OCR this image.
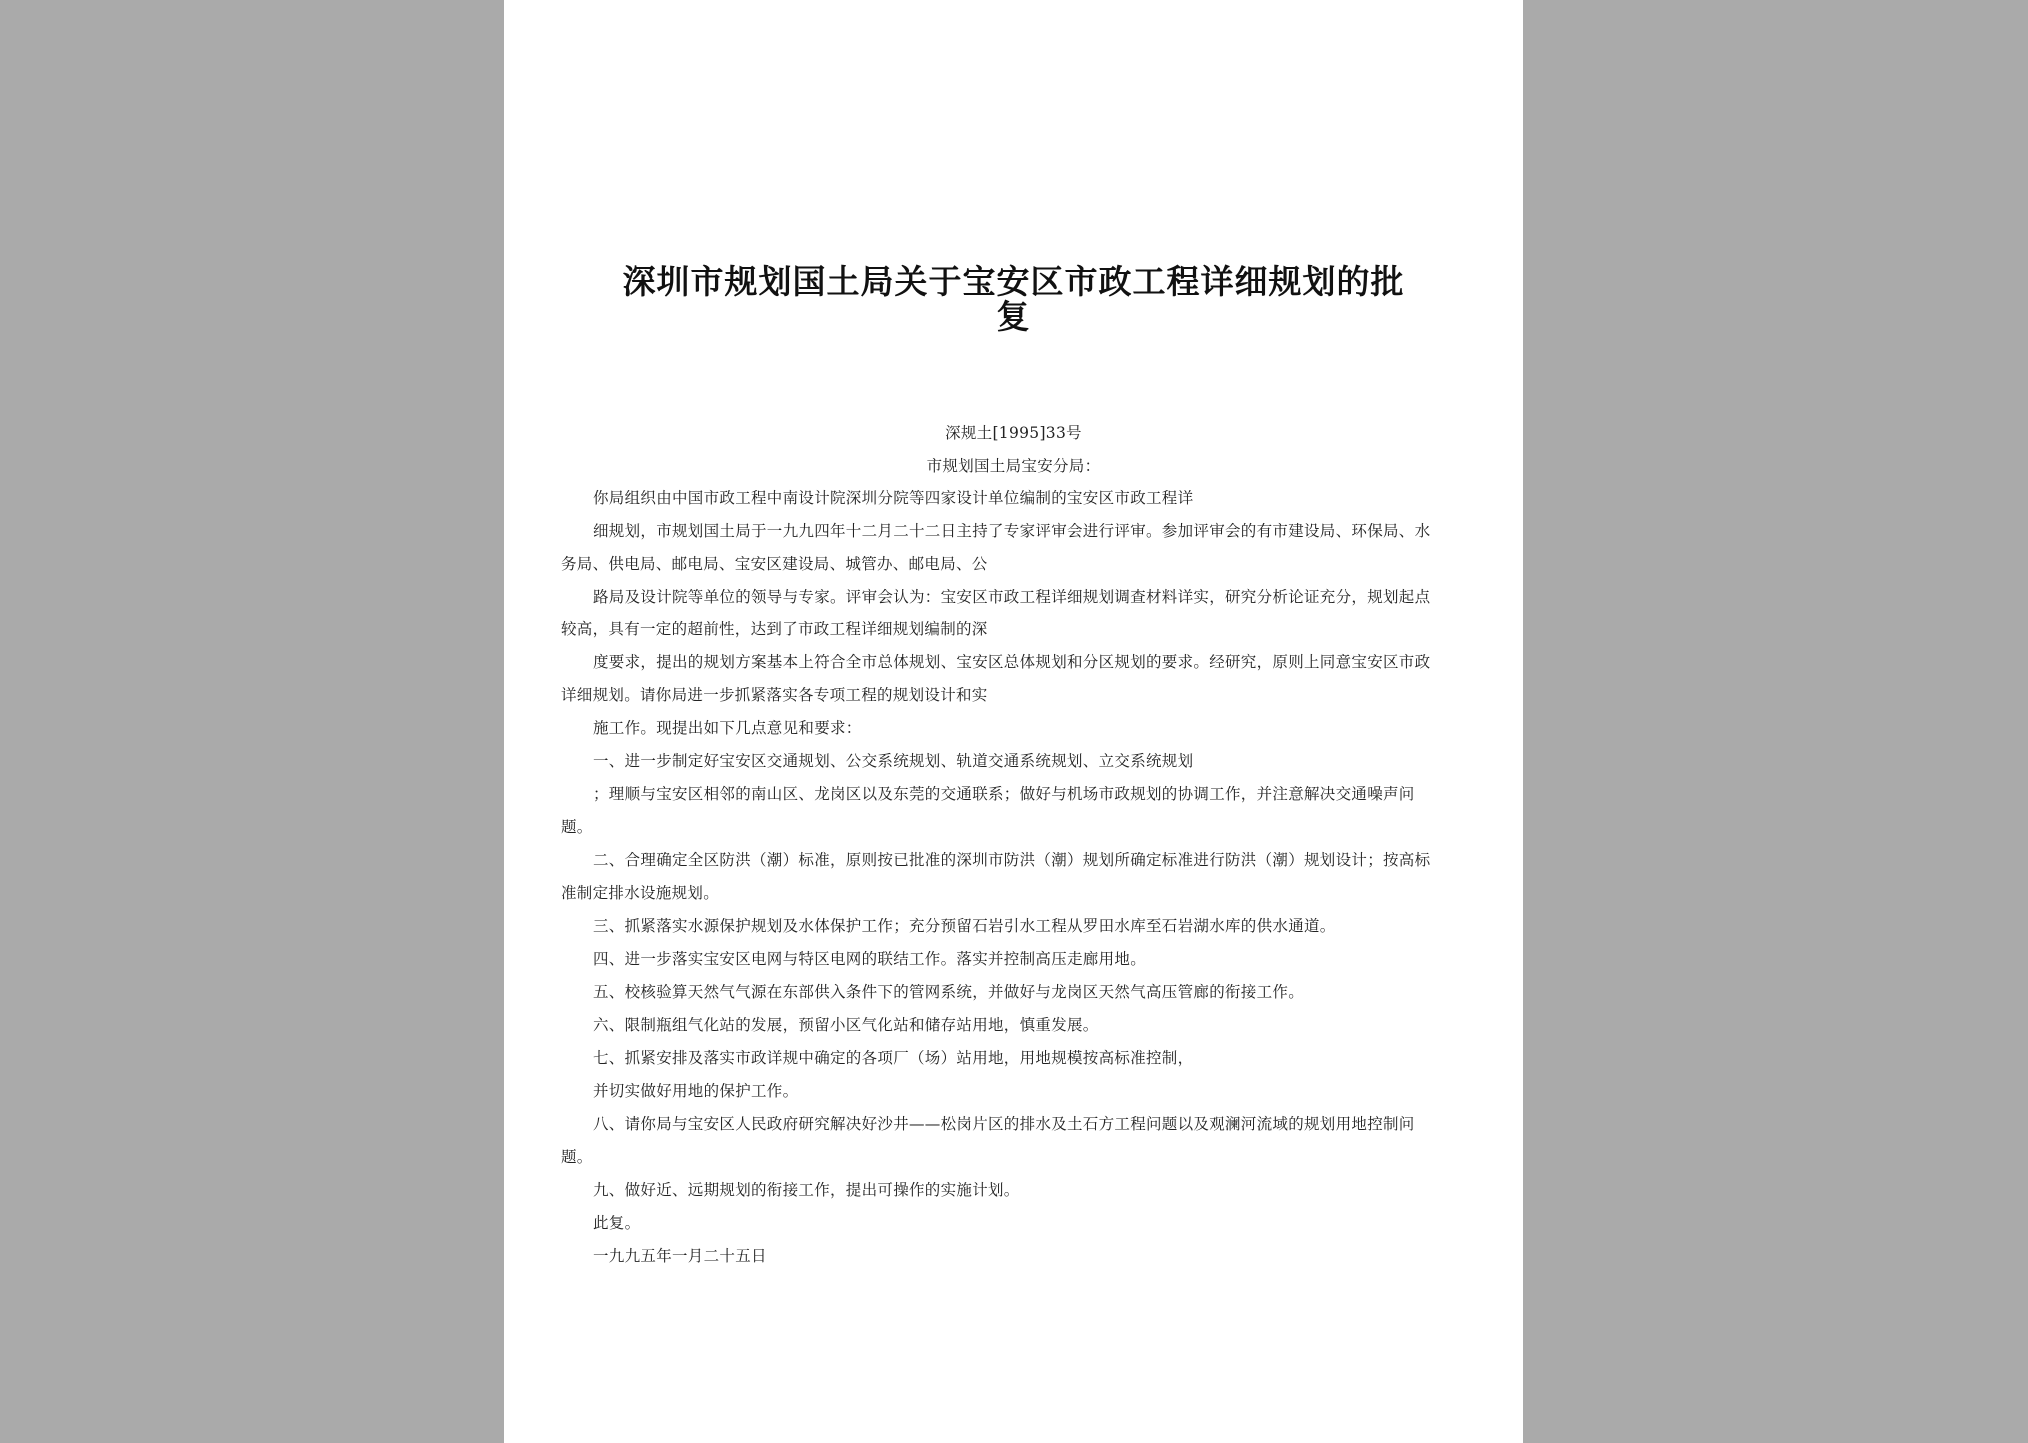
深圳市规划国土局关于宝安区市政工程详细规划的批
复

深规土[1995]33号

市规划国土局宝安分局：

你局组织由中国市政工程中南设计院深圳分院等四家设计单位编制的宝安区市政工程详

细规划，市规划国土局于一九九四年十二月二十二日主持了专家评审会进行评审。参加评审会的有市建设局、环保局、水

务局、供电局、邮电局、宝安区建设局、城管办、邮电局、公

路局及设计院等单位的领导与专家。评审会认为：宝安区市政工程详细规划调查材料详实，研究分析论证充分，规划起点

较高，具有一定的超前性，达到了市政工程详细规划编制的深

度要求，提出的规划方案基本上符合全市总体规划、宝安区总体规划和分区规划的要求。经研究，原则上同意宝安区市政

详细规划。请你局进一步抓紧落实各专项工程的规划设计和实

施工作。现提出如下几点意见和要求：

一、进一步制定好宝安区交通规划、公交系统规划、轨道交通系统规划、立交系统规划

；理顺与宝安区相邻的南山区、龙岗区以及东莞的交通联系；做好与机场市政规划的协调工作，并注意解决交通噪声问

题。

二、合理确定全区防洪（潮）标准，原则按已批准的深圳市防洪（潮）规划所确定标准进行防洪（潮）规划设计；按高标

准制定排水设施规划。

三、抓紧落实水源保护规划及水体保护工作；充分预留石岩引水工程从罗田水库至石岩湖水库的供水通道。

四、进一步落实宝安区电网与特区电网的联结工作。落实并控制高压走廊用地。

五、校核验算天然气气源在东部供入条件下的管网系统，并做好与龙岗区天然气高压管廊的衔接工作。

六、限制瓶组气化站的发展，预留小区气化站和储存站用地，慎重发展。

七、抓紧安排及落实市政详规中确定的各项厂（场）站用地，用地规模按高标准控制，

并切实做好用地的保护工作。

八、请你局与宝安区人民政府研究解决好沙井——松岗片区的排水及土石方工程问题以及观澜河流域的规划用地控制问

题。

九、做好近、远期规划的衔接工作，提出可操作的实施计划。

此复。

一九九五年一月二十五日
